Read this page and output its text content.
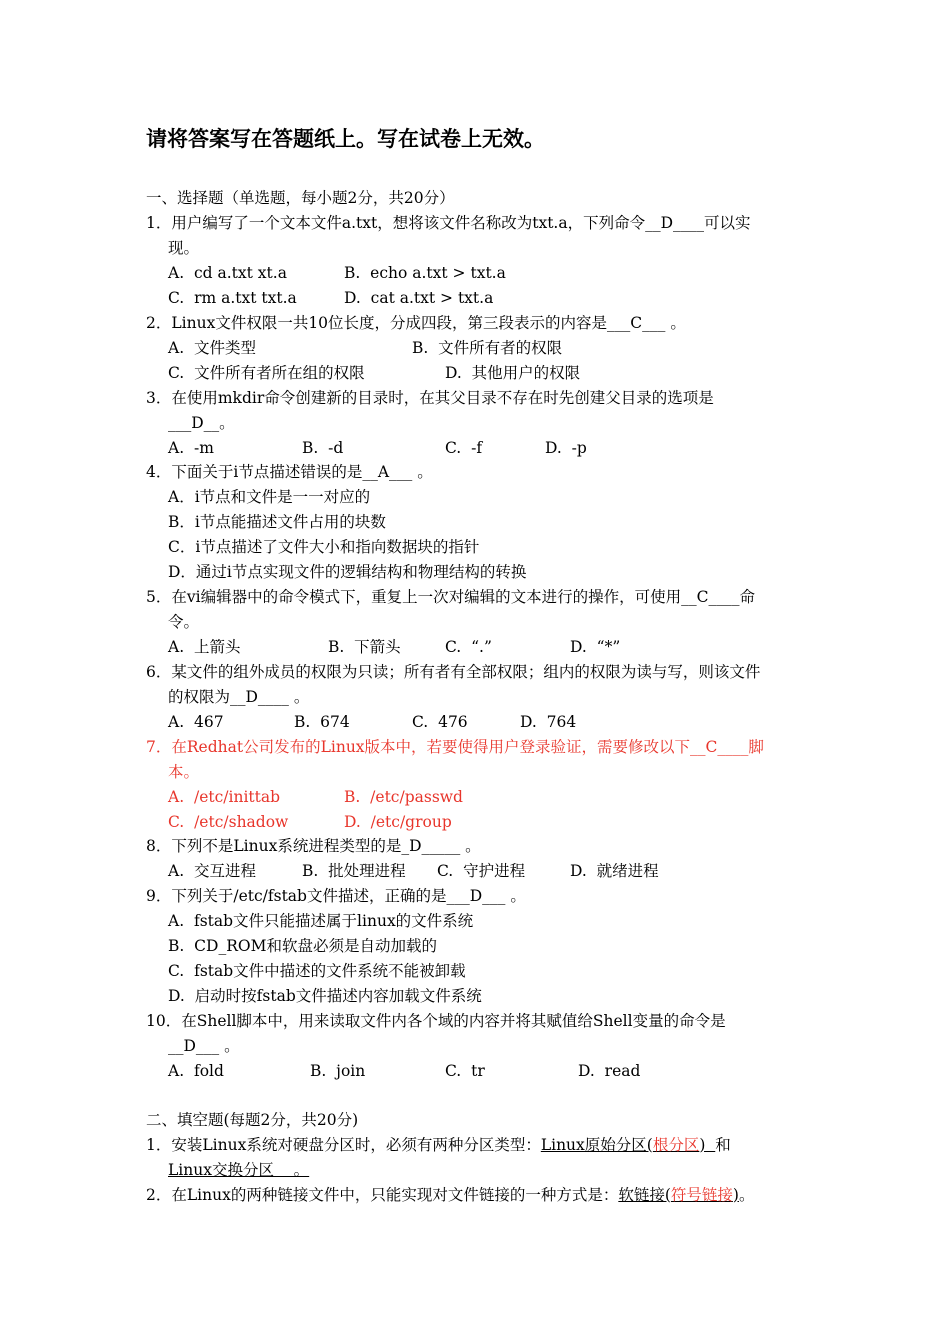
请将答案写在答题纸上。写在试卷上无效。
一、选择题（单选题，每小题2分，共20分）
1．用户编写了一个文本文件a.txt，想将该文件名称改为txt.a，下列命令__D____可以实
现。
A.  cd a.txt xt.a	B.  echo a.txt > txt.a
C.  rm a.txt txt.a	D.  cat a.txt > txt.a
2．Linux文件权限一共10位长度，分成四段，第三段表示的内容是___C___ 。
A.  文件类型	B.  文件所有者的权限
C.  文件所有者所在组的权限	D.  其他用户的权限
3．在使用mkdir命令创建新的目录时，在其父目录不存在时先创建父目录的选项是
___D__。
A.  -m	B.  -d	C.  -f	D.  -p
4．下面关于i节点描述错误的是__A___ 。
A．i节点和文件是一一对应的
B．i节点能描述文件占用的块数
C．i节点描述了文件大小和指向数据块的指针
D．通过i节点实现文件的逻辑结构和物理结构的转换
5．在vi编辑器中的命令模式下，重复上一次对编辑的文本进行的操作，可使用__C____命
令。
A.  上箭头	B.  下箭头	C.  “.”	D.  “*”
6．某文件的组外成员的权限为只读；所有者有全部权限；组内的权限为读与写，则该文件
的权限为__D____ 。
A.  467	B.  674	C.  476	D.  764
7．在Redhat公司发布的Linux版本中，若要使得用户登录验证，需要修改以下__C____脚
本。
A.  /etc/inittab	B.  /etc/passwd
C.  /etc/shadow	D.  /etc/group
8．下列不是Linux系统进程类型的是_D_____ 。
A.  交互进程	B.  批处理进程 C.  守护进程	D.  就绪进程
9．下列关于/etc/fstab文件描述，正确的是___D___ 。
A.  fstab文件只能描述属于linux的文件系统
B.  CD_ROM和软盘必须是自动加载的
C.  fstab文件中描述的文件系统不能被卸载
D.  启动时按fstab文件描述内容加载文件系统
10．在Shell脚本中，用来读取文件内各个域的内容并将其赋值给Shell变量的命令是
__D___ 。
A.  fold	B.  join	C.  tr	D.  read
二、填空题(每题2分，共20分)
1．安装Linux系统对硬盘分区时，必须有两种分区类型：Linux原始分区(根分区)  和
Linux交换分区    。
2．在Linux的两种链接文件中，只能实现对文件链接的一种方式是：软链接(符号链接)。
